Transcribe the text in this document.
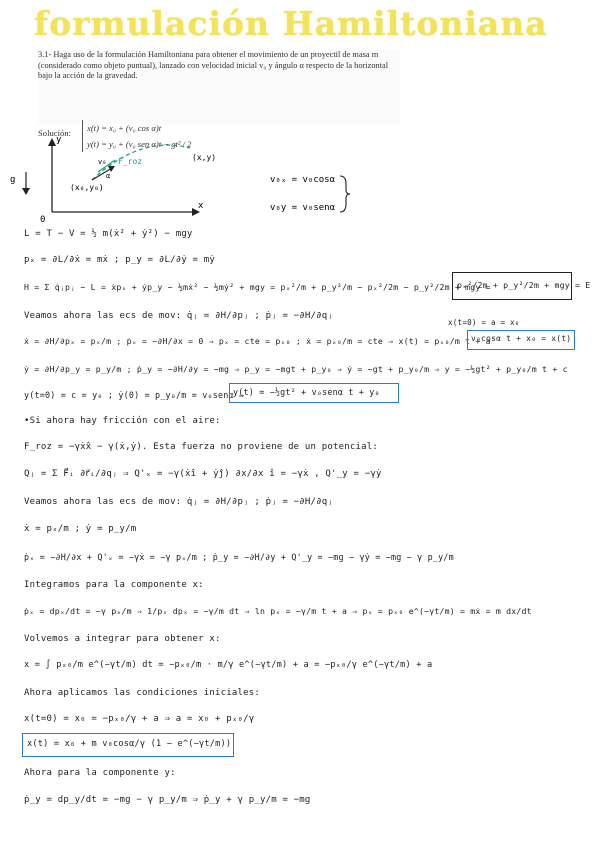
formulación Hamiltoniana

3.1- Haga uso de la formulación Hamiltoniana para obtener el movimiento de un proyectil de masa m (considerado como objeto puntual), lanzado con velocidad inicial v₀ y ángulo α respecto de la horizontal bajo la acción de la gravedad.

Solución: x(t) = x₀ + (v₀ cos α)t
y(t) = y₀ + (v₀ sen α)t − gt² / 2
y
x
0
g
F_roz
v₀
α
(x₀,y₀)
(x,y)
v₀ₓ = v₀cosα
v₀y = v₀senα
L = T − V = ½ m(ẋ² + ẏ²) − mgy
pₓ = ∂L/∂ẋ = mẋ ; p_y = ∂L/∂ẏ = mẏ
H = Σ q̇ⱼpⱼ − L = ẋpₓ + ẏp_y − ½mẋ² − ½mẏ² + mgy = pₓ²/m + p_y²/m − pₓ²/2m − p_y²/2m + mgy =
pₓ²/2m + p_y²/2m + mgy = E
Veamos ahora las ecs de mov: q̇ⱼ = ∂H/∂pⱼ ; ṗⱼ = −∂H/∂qⱼ
x(t=0) = a = x₀
ẋ = ∂H/∂pₓ = pₓ/m ; ṗₓ = −∂H/∂x = 0 ⇒ pₓ = cte = pₓ₀ ; ẋ = pₓ₀/m = cte ⇒ x(t) = pₓ₀/m t + a
v₀cosα t + x₀ = x(t)
ẏ = ∂H/∂p_y = p_y/m ; ṗ_y = −∂H/∂y = −mg ⇒ p_y = −mgt + p_y₀ ⇒ ẏ = −gt + p_y₀/m ⇒ y = −½gt² + p_y₀/m t + c
y(t=0) = c = y₀ ; ẏ(0) = p_y₀/m = v₀senα ⇒
y(t) = −½gt² + v₀senα t + y₀
•Si ahora hay fricción con el aire:
F_roz = −γẋx̂ − γ(ẋ,ẏ). Esta fuerza no proviene de un potencial:
Qⱼ = Σ F⃗ᵢ ∂r⃗ᵢ/∂qⱼ ⇒ Q'ₓ = −γ(ẋî + ẏĵ) ∂x/∂x î = −γẋ , Q'_y = −γẏ
Veamos ahora las ecs de mov: q̇ⱼ = ∂H/∂pⱼ ; ṗⱼ = −∂H/∂qⱼ
ẋ = pₓ/m ; ẏ = p_y/m
ṗₓ = −∂H/∂x + Q'ₓ = −γẋ = −γ pₓ/m ; ṗ_y = −∂H/∂y + Q'_y = −mg − γẏ = −mg − γ p_y/m
Integramos para la componente x:
ṗₓ = dpₓ/dt = −γ pₓ/m ⇒ 1/pₓ dpₓ = −γ/m dt ⇒ ln pₓ = −γ/m t + a ⇒ pₓ = pₓ₀ e^(−γt/m) = mẋ = m dx/dt
Volvemos a integrar para obtener x:
x = ∫ pₓ₀/m e^(−γt/m) dt = −pₓ₀/m · m/γ e^(−γt/m) + a = −pₓ₀/γ e^(−γt/m) + a
Ahora aplicamos las condiciones iniciales:
x(t=0) = x₀ = −pₓ₀/γ + a ⇒ a = x₀ + pₓ₀/γ
x(t) = x₀ + m v₀cosα/γ (1 − e^(−γt/m))
Ahora para la componente y:
ṗ_y = dp_y/dt = −mg − γ p_y/m ⇒ ṗ_y + γ p_y/m = −mg
